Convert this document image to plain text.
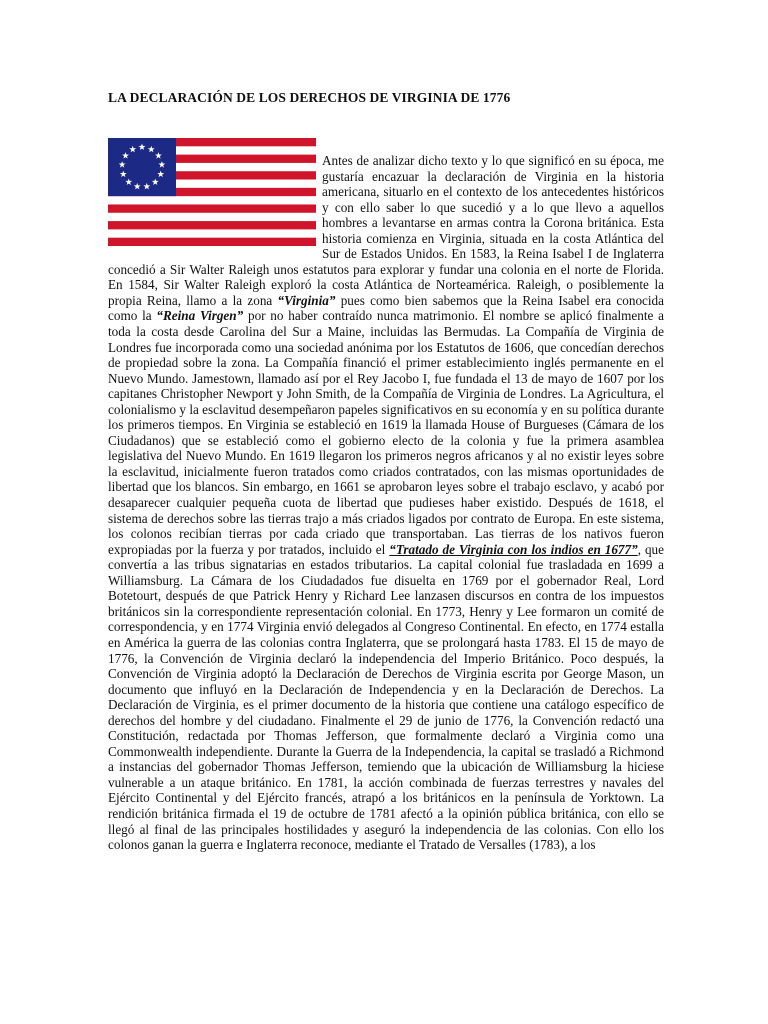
LA DECLARACIÓN DE LOS DERECHOS DE VIRGINIA DE 1776

Antes de analizar dicho texto y lo que significó en su época, me gustaría encazuar la declaración de Virginia en la historia americana, situarlo en el contexto de los antecedentes históricos y con ello saber lo que sucedió y a lo que llevo a aquellos hombres a levantarse en armas contra la Corona británica. Esta historia comienza en Virginia, situada en la costa Atlántica del Sur de Estados Unidos. En 1583, la Reina Isabel I de Inglaterra concedió a Sir Walter Raleigh unos estatutos para explorar y fundar una colonia en el norte de Florida. En 1584, Sir Walter Raleigh exploró la costa Atlántica de Norteamérica. Raleigh, o posiblemente la propia Reina, llamo a la zona “Virginia” pues como bien sabemos que la Reina Isabel era conocida como la “Reina Virgen” por no haber contraído nunca matrimonio. El nombre se aplicó finalmente a toda la costa desde Carolina del Sur a Maine, incluidas las Bermudas. La Compañía de Virginia de Londres fue incorporada como una sociedad anónima por los Estatutos de 1606, que concedían derechos de propiedad sobre la zona. La Compañía financió el primer establecimiento inglés permanente en el Nuevo Mundo. Jamestown, llamado así por el Rey Jacobo I, fue fundada el 13 de mayo de 1607 por los capitanes Christopher Newport y John Smith, de la Compañía de Virginia de Londres. La Agricultura, el colonialismo y la esclavitud desempeñaron papeles significativos en su economía y en su política durante los primeros tiempos. En Virginia se estableció en 1619 la llamada House of Burgueses (Cámara de los Ciudadanos) que se estableció como el gobierno electo de la colonia y fue la primera asamblea legislativa del Nuevo Mundo. En 1619 llegaron los primeros negros africanos y al no existir leyes sobre la esclavitud, inicialmente fueron tratados como criados contratados, con las mismas oportunidades de libertad que los blancos. Sin embargo, en 1661 se aprobaron leyes sobre el trabajo esclavo, y acabó por desaparecer cualquier pequeña cuota de libertad que pudieses haber existido. Después de 1618, el sistema de derechos sobre las tierras trajo a más criados ligados por contrato de Europa. En este sistema, los colonos recibían tierras por cada criado que transportaban. Las tierras de los nativos fueron expropiadas por la fuerza y por tratados, incluido el “Tratado de Virginia con los indios en 1677”, que convertía a las tribus signatarias en estados tributarios. La capital colonial fue trasladada en 1699 a Williamsburg. La Cámara de los Ciudadados fue disuelta en 1769 por el gobernador Real, Lord Botetourt, después de que Patrick Henry y Richard Lee lanzasen discursos en contra de los impuestos británicos sin la correspondiente representación colonial. En 1773, Henry y Lee formaron un comité de correspondencia, y en 1774 Virginia envió delegados al Congreso Continental. En efecto, en 1774 estalla en América la guerra de las colonias contra Inglaterra, que se prolongará hasta 1783. El 15 de mayo de 1776, la Convención de Virginia declaró la independencia del Imperio Británico. Poco después, la Convención de Virginia adoptó la Declaración de Derechos de Virginia escrita por George Mason, un documento que influyó en la Declaración de Independencia y en la Declaración de Derechos. La Declaración de Virginia, es el primer documento de la historia que contiene una catálogo específico de derechos del hombre y del ciudadano. Finalmente el 29 de junio de 1776, la Convención redactó una Constitución, redactada por Thomas Jefferson, que formalmente declaró a Virginia como una Commonwealth independiente. Durante la Guerra de la Independencia, la capital se trasladó a Richmond a instancias del gobernador Thomas Jefferson, temiendo que la ubicación de Williamsburg la hiciese vulnerable a un ataque británico. En 1781, la acción combinada de fuerzas terrestres y navales del Ejército Continental y del Ejército francés, atrapó a los británicos en la península de Yorktown. La rendición británica firmada el 19 de octubre de 1781 afectó a la opinión pública británica, con ello se llegó al final de las principales hostilidades y aseguró la independencia de las colonias. Con ello los colonos ganan la guerra e Inglaterra reconoce, mediante el Tratado de Versalles (1783), a los
